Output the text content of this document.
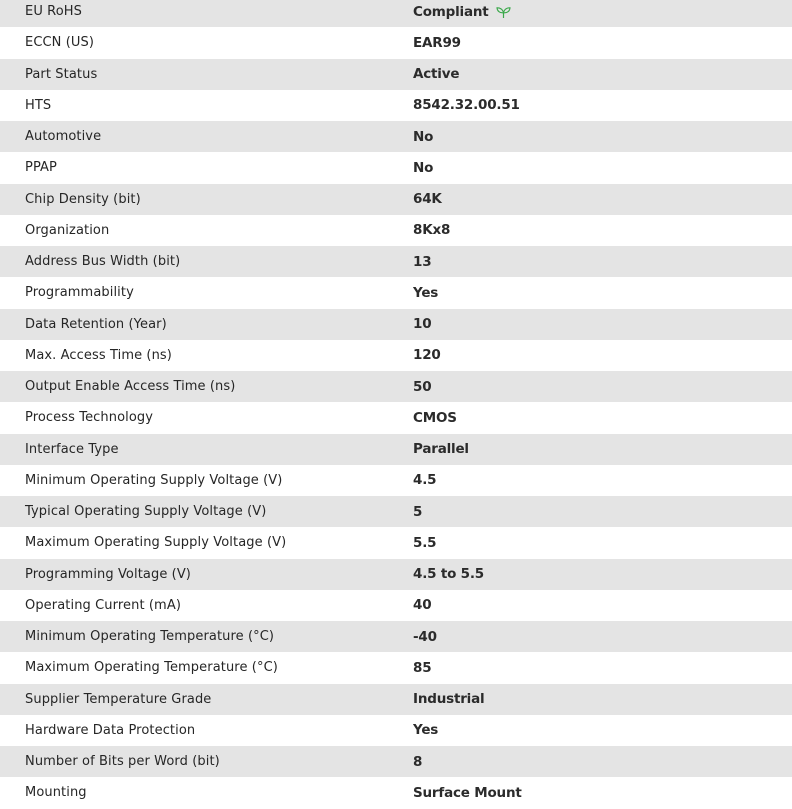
EU RoHS	Compliant

ECCN (US)	EAR99

Part Status	Active

HTS	8542.32.00.51

Automotive	No

PPAP	No

Chip Density (bit)	64K

Organization	8Kx8

Address Bus Width (bit)	13

Programmability	Yes

Data Retention (Year)	10

Max. Access Time (ns)	120

Output Enable Access Time (ns)	50

Process Technology	CMOS

Interface Type	Parallel

Minimum Operating Supply Voltage (V)	4.5

Typical Operating Supply Voltage (V)	5

Maximum Operating Supply Voltage (V)	5.5

Programming Voltage (V)	4.5 to 5.5

Operating Current (mA)	40

Minimum Operating Temperature (°C)	-40

Maximum Operating Temperature (°C)	85

Supplier Temperature Grade	Industrial

Hardware Data Protection	Yes

Number of Bits per Word (bit)	8

Mounting	Surface Mount
